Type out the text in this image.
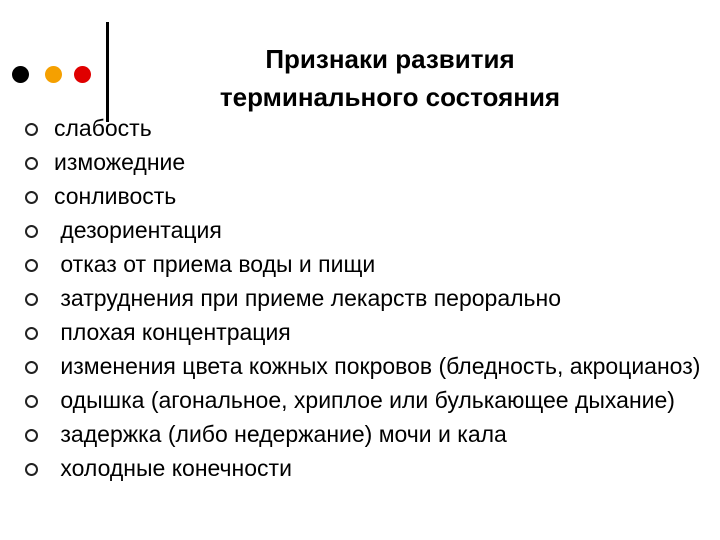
Признаки развития
терминального состояния
слабость
изможедние
сонливость
дезориентация
отказ от приема воды и пищи
затруднения при приеме лекарств перорально
плохая концентрация
изменения цвета кожных покровов (бледность, акроцианоз)
одышка (агональное, хриплое или булькающее дыхание)
задержка (либо недержание) мочи и кала
холодные конечности
